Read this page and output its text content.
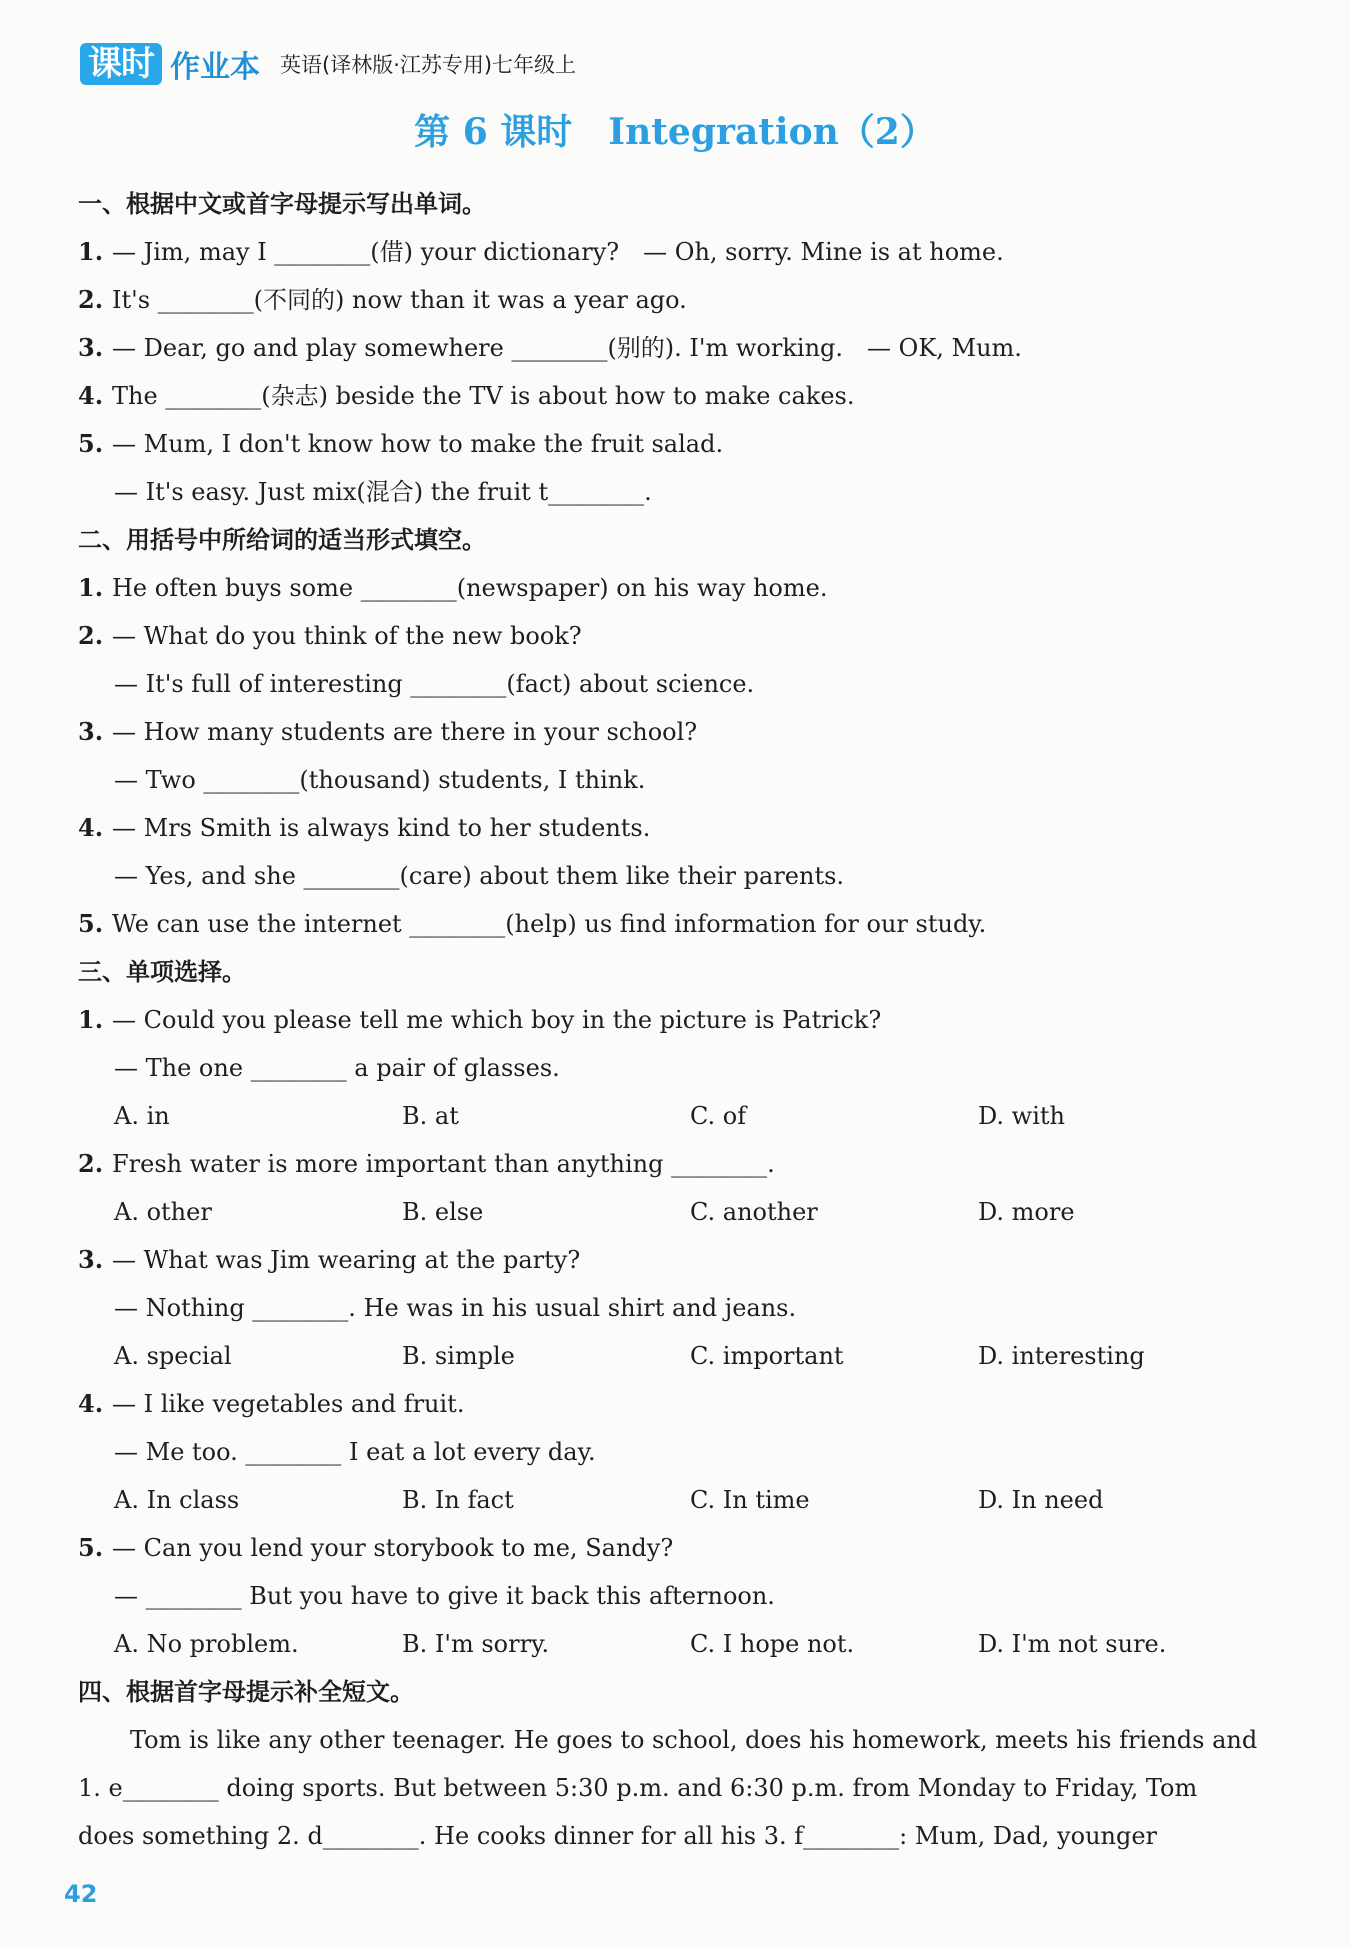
课时 作业本 英语(译林版·江苏专用)七年级上
第 6 课时　Integration（2）
一、根据中文或首字母提示写出单词。
1. — Jim, may I ________(借) your dictionary?　— Oh, sorry. Mine is at home.
2. It's ________(不同的) now than it was a year ago.
3. — Dear, go and play somewhere ________(别的). I'm working.　— OK, Mum.
4. The ________(杂志) beside the TV is about how to make cakes.
5. — Mum, I don't know how to make the fruit salad.
— It's easy. Just mix(混合) the fruit t________.
二、用括号中所给词的适当形式填空。
1. He often buys some ________(newspaper) on his way home.
2. — What do you think of the new book?
— It's full of interesting ________(fact) about science.
3. — How many students are there in your school?
— Two ________(thousand) students, I think.
4. — Mrs Smith is always kind to her students.
— Yes, and she ________(care) about them like their parents.
5. We can use the internet ________(help) us find information for our study.
三、单项选择。
1. — Could you please tell me which boy in the picture is Patrick?
— The one ________ a pair of glasses.
A. in	B. at	C. of	D. with
2. Fresh water is more important than anything ________.
A. other	B. else	C. another	D. more
3. — What was Jim wearing at the party?
— Nothing ________. He was in his usual shirt and jeans.
A. special	B. simple	C. important	D. interesting
4. — I like vegetables and fruit.
— Me too. ________ I eat a lot every day.
A. In class	B. In fact	C. In time	D. In need
5. — Can you lend your storybook to me, Sandy?
— ________ But you have to give it back this afternoon.
A. No problem.	B. I'm sorry.	C. I hope not.	D. I'm not sure.
四、根据首字母提示补全短文。
Tom is like any other teenager. He goes to school, does his homework, meets his friends and
1. e________ doing sports. But between 5:30 p.m. and 6:30 p.m. from Monday to Friday, Tom
does something 2. d________. He cooks dinner for all his 3. f________: Mum, Dad, younger
42
